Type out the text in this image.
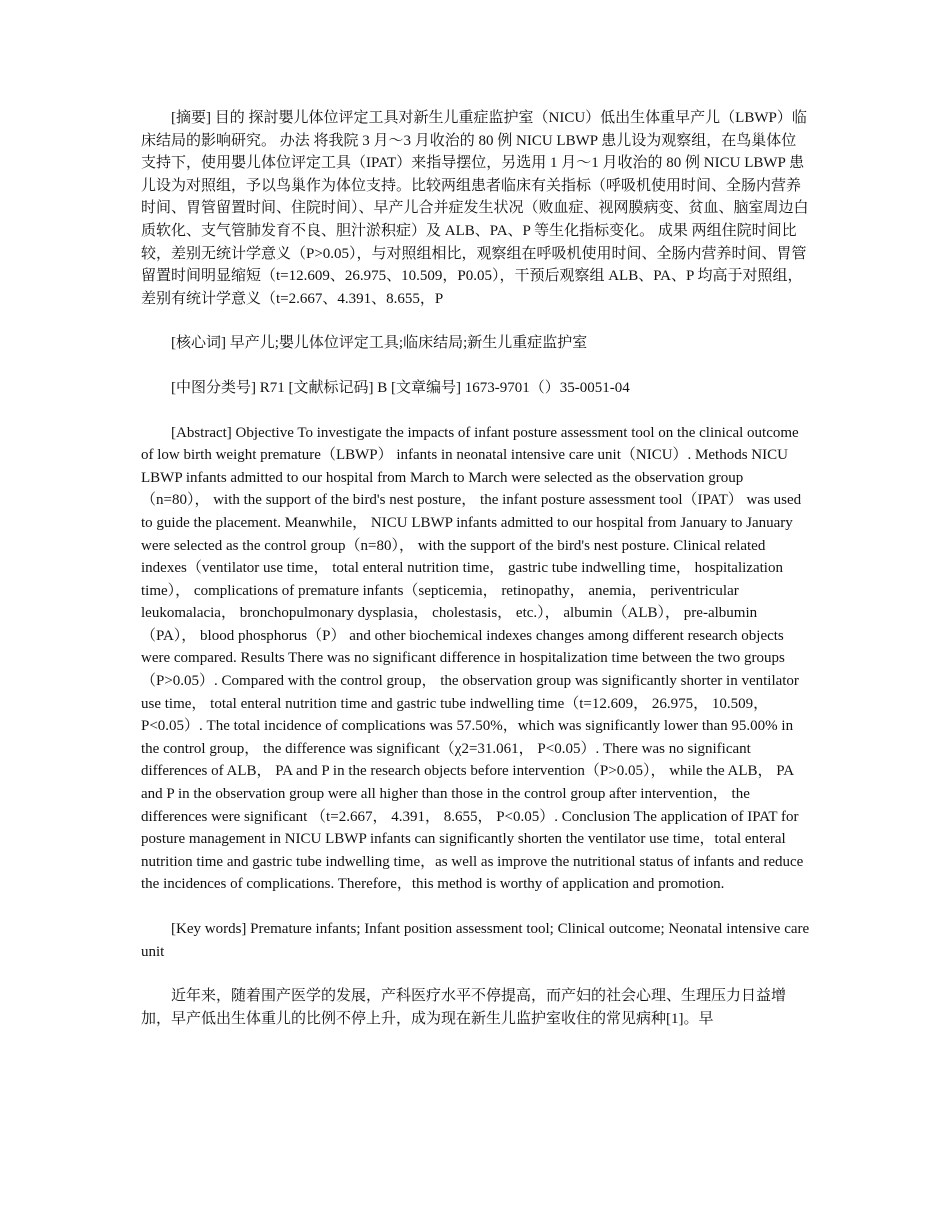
[摘要] 目的 探討嬰儿体位评定工具对新生儿重症监护室（NICU）低出生体重早产儿（LBWP）临床结局的影响研究。 办法 将我院 3 月～3 月收治的 80 例 NICU LBWP 患儿设为观察组，在鸟巢体位支持下，使用嬰儿体位评定工具（IPAT）来指导摆位，另选用 1 月～1 月收治的 80 例 NICU LBWP 患儿设为对照组，予以鸟巢作为体位支持。比较两组患者临床有关指标（呼吸机使用时间、全肠内营养时间、胃管留置时间、住院时间）、早产儿合并症发生状况（败血症、视网膜病变、贫血、脑室周边白质软化、支气管肺发育不良、胆汁淤积症）及 ALB、PA、P 等生化指标变化。 成果 两组住院时间比较，差别无统计学意义（P>0.05），与对照组相比，观察组在呼吸机使用时间、全肠内营养时间、胃管留置时间明显缩短（t=12.609、26.975、10.509，P0.05），干预后观察组 ALB、PA、P 均高于对照组，差别有统计学意义（t=2.667、4.391、8.655，P

[核心词] 早产儿;嬰儿体位评定工具;临床结局;新生儿重症监护室

[中图分类号] R71 [文献标记码] B [文章编号] 1673-9701（）35-0051-04

[Abstract] Objective To investigate the impacts of infant posture assessment tool on the clinical outcome of low birth weight premature（LBWP） infants in neonatal intensive care unit（NICU）. Methods NICU LBWP infants admitted to our hospital from March to March were selected as the observation group（n=80）， with the support of the bird's nest posture， the infant posture assessment tool（IPAT） was used to guide the placement. Meanwhile， NICU LBWP infants admitted to our hospital from January to January were selected as the control group（n=80）， with the support of the bird's nest posture. Clinical related indexes（ventilator use time， total enteral nutrition time， gastric tube indwelling time， hospitalization time）， complications of premature infants（septicemia， retinopathy， anemia， periventricular leukomalacia， bronchopulmonary dysplasia， cholestasis， etc.）， albumin（ALB）， pre-albumin（PA）， blood phosphorus（P） and other biochemical indexes changes among different research objects were compared. Results There was no significant difference in hospitalization time between the two groups（P>0.05）. Compared with the control group， the observation group was significantly shorter in ventilator use time， total enteral nutrition time and gastric tube indwelling time（t=12.609， 26.975， 10.509， P<0.05）. The total incidence of complications was 57.50%，which was significantly lower than 95.00% in the control group， the difference was significant（χ2=31.061， P<0.05）. There was no significant differences of ALB， PA and P in the research objects before intervention（P>0.05）， while the ALB， PA and P in the observation group were all higher than those in the control group after intervention， the differences were significant （t=2.667， 4.391， 8.655， P<0.05）. Conclusion The application of IPAT for posture management in NICU LBWP infants can significantly shorten the ventilator use time，total enteral nutrition time and gastric tube indwelling time，as well as improve the nutritional status of infants and reduce the incidences of complications. Therefore，this method is worthy of application and promotion.

[Key words] Premature infants; Infant position assessment tool; Clinical outcome; Neonatal intensive care unit

近年来，随着围产医学的发展，产科医疗水平不停提高，而产妇的社会心理、生理压力日益增加，早产低出生体重儿的比例不停上升，成为现在新生儿监护室收住的常见病种[1]。早
